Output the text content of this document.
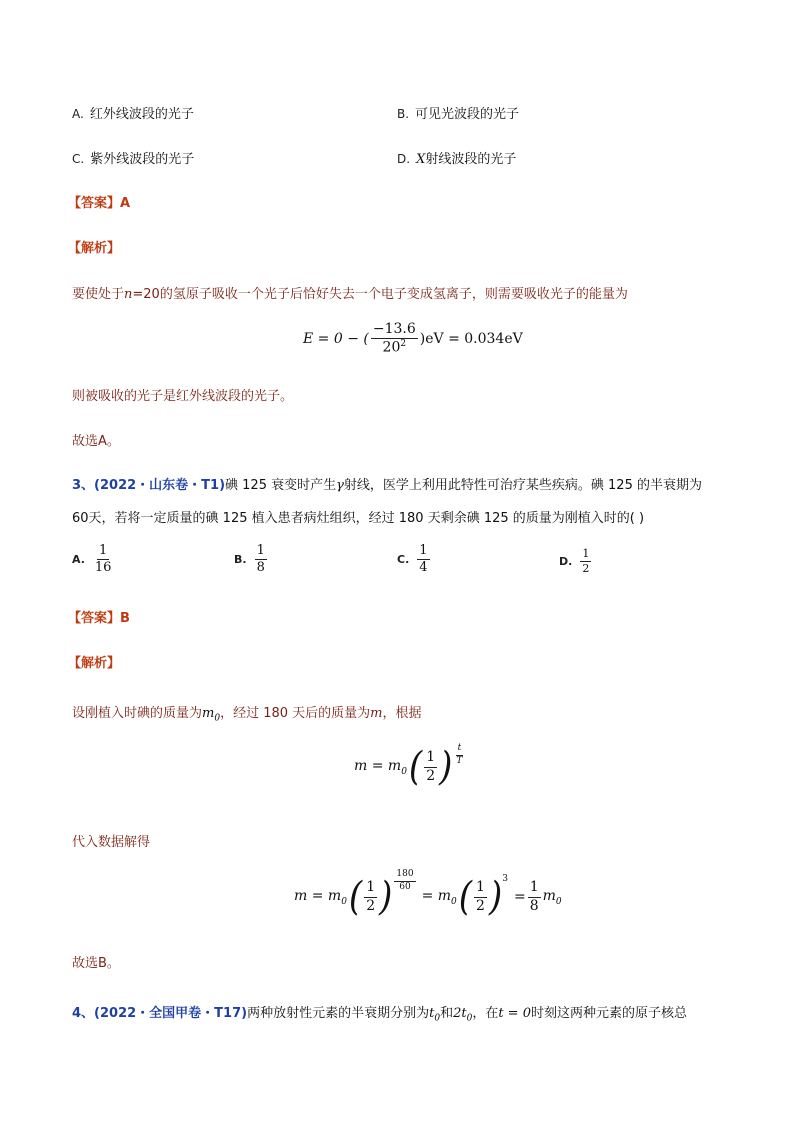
A. 红外线波段的光子	B. 可见光波段的光子
C. 紫外线波段的光子	D. X射线波段的光子
【答案】A
【解析】
要使处于n=20的氢原子吸收一个光子后恰好失去一个电子变成氢离子，则需要吸收光子的能量为
E = 0 − ( $\frac{-13.6}{20^2} )eV = 0.034eV$
则被吸收的光子是红外线波段的光子。
故选A。
3、(2022・山东卷・T1)碘 125 衰变时产生γ射线，医学上利用此特性可治疗某些疾病。碘 125 的半衰期为
60天，若将一定质量的碘 125 植入患者病灶组织，经过 180 天剩余碘 125 的质量为刚植入时的( )
A. $\frac{1}{16}$	B. $\frac{1}{8}$	C. $\frac{1}{4}$	D. $\frac{1}{2}$
【答案】B
【解析】
设刚植入时碘的质量为$m_0$，经过 180 天后的质量为m，根据
$m = m_0$ ( $\frac{1}{2}$ ) $\frac{t}{T}$
代入数据解得
$m = m_0$ ( $\frac{1}{2}$ ) $\frac{180}{60}$
= $m_0$ ( $\frac{1}{2}$ ) 3
= $\frac{1}{8} m_0$
故选B。
4、(2022・全国甲卷・T17)两种放射性元素的半衰期分别为$t_0$和$2t_0$，在t = 0时刻这两种元素的原子核总
